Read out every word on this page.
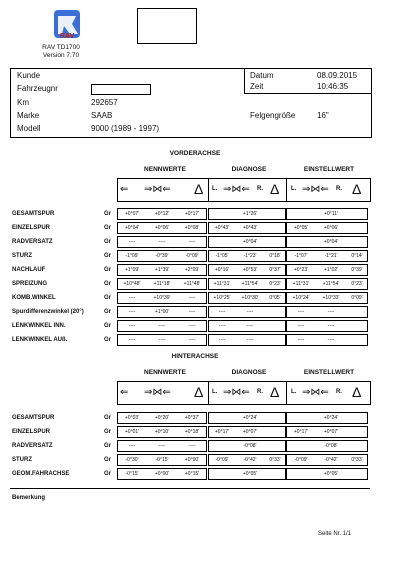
RAV
RAV TD1700
Version 7.70
Kunde
Fahrzeugnr
Km	292657
Marke	SAAB
Modell	9000 (1989 - 1997)
Datum	08.09.2015
Zeit	10:46:35
Felgengröße	16"
VORDERACHSE
NENNWERTE	DIAGNOSE	EINSTELLWERT
⇐ ⇒⋈⇐ Δ L. ⇒⋈⇐ R. Δ L. ⇒⋈⇐ R. Δ
GESAMTSPUR	Gr	+0°07'	+0°12'	+0°17'	+1°26'	+0°11'
EINZELSPUR	Gr	+0°04'	+0°06'	+0°08'	+0°43'	+0°43'	+0°05'	+0°06'
RADVERSATZ	Gr	----	----	----	+0°04'	+0°04'
STURZ	Gr	-1°09'	-0°39'	-0°09'	-1°05'	-1°23'	0°18'	-1°07'	-1°21'	0°14'
NACHLAUF	Gr	+1°09'	+1°39'	+2°09'	+0°16'	+0°53'	0°37'	+0°23'	+1°02'	0°39'
SPREIZUNG	Gr	+10°48'	+11°18'	+11°48'	+11°31'	+11°54'	0°23'	+11°31'	+11°54'	0°23'
KOMB.WINKEL	Gr	----	+10°39'	----	+10°25'	+10°30'	0°05'	+10°24'	+10°33'	0°09'
Spurdifferenzwinkel (20°)	Gr	----	+1°00'	----	----	----	----	----
LENKWINKEL INN.	Gr	----	----	----	----	----	----	----
LENKWINKEL AUß.	Gr	----	----	----	----	----	----	----
HINTERACHSE
NENNWERTE	DIAGNOSE	EINSTELLWERT
⇐ ⇒⋈⇐ Δ L. ⇒⋈⇐ R. Δ L. ⇒⋈⇐ R. Δ
GESAMTSPUR	Gr	+0°03'	+0°20'	+0°37'	+0°24'	+0°24'
EINZELSPUR	Gr	+0°01'	+0°10'	+0°18'	+0°17'	+0°07'	+0°17'	+0°07'
RADVERSATZ	Gr	----	----	----	-0°08'	-0°08'
STURZ	Gr	-0°30'	-0°15'	+0°00'	-0°09'	-0°42'	0°33'	-0°09'	-0°42'	0°33'
GEOM.FAHRACHSE	Gr	-0°15'	+0°00'	+0°15'	+0°05'	+0°05'
Bemerkung
Seite Nr. 1/1
